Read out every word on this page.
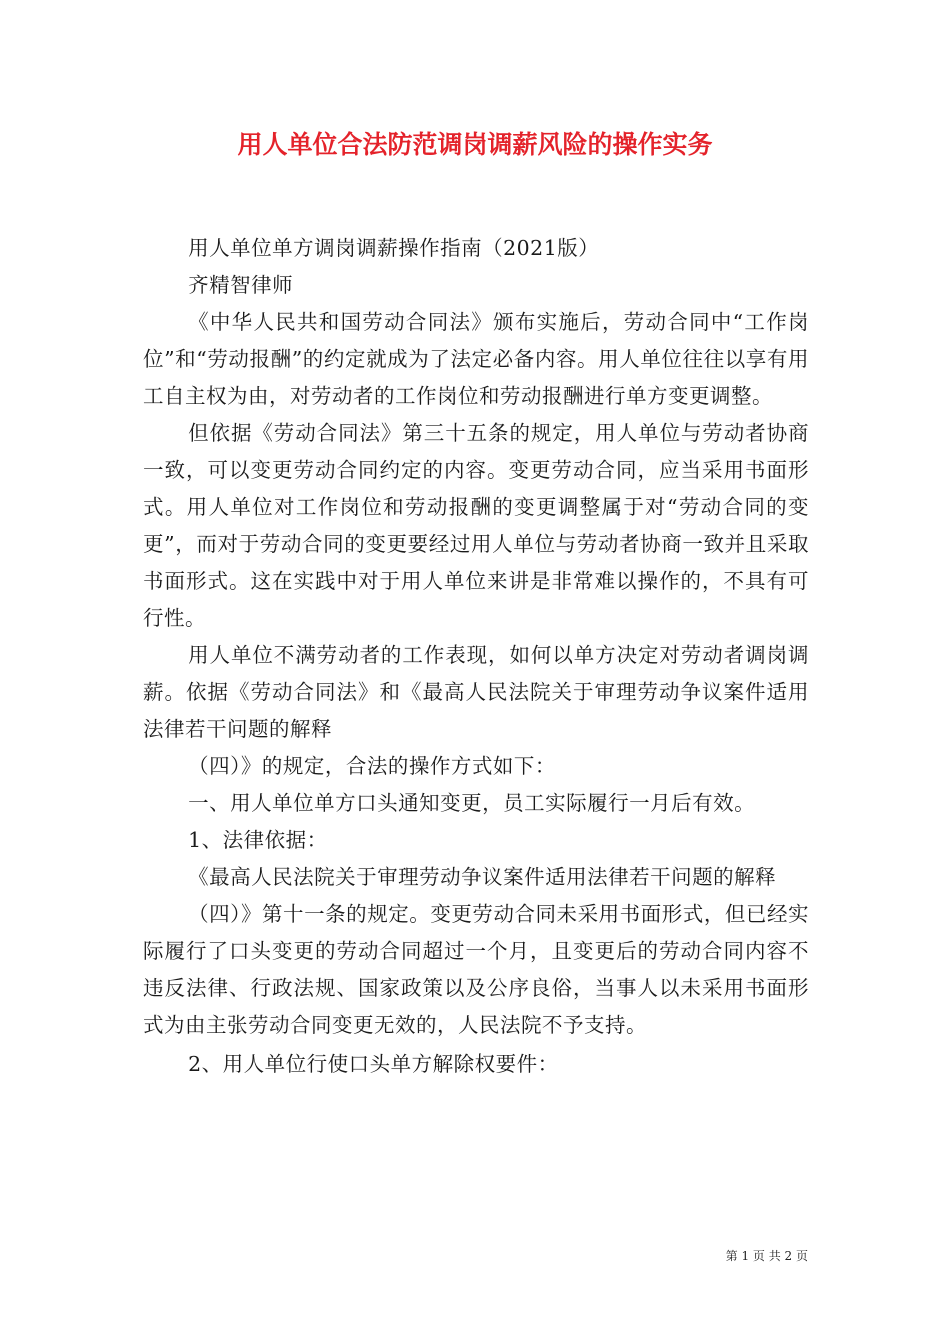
用人单位合法防范调岗调薪风险的操作实务

用人单位单方调岗调薪操作指南（2021版）

齐精智律师

《中华人民共和国劳动合同法》颁布实施后，劳动合同中“工作岗位”和“劳动报酬”的约定就成为了法定必备内容。用人单位往往以享有用工自主权为由，对劳动者的工作岗位和劳动报酬进行单方变更调整。

但依据《劳动合同法》第三十五条的规定，用人单位与劳动者协商一致，可以变更劳动合同约定的内容。变更劳动合同，应当采用书面形式。用人单位对工作岗位和劳动报酬的变更调整属于对“劳动合同的变更”，而对于劳动合同的变更要经过用人单位与劳动者协商一致并且采取书面形式。这在实践中对于用人单位来讲是非常难以操作的，不具有可行性。

用人单位不满劳动者的工作表现，如何以单方决定对劳动者调岗调薪。依据《劳动合同法》和《最高人民法院关于审理劳动争议案件适用法律若干问题的解释

（四）》的规定，合法的操作方式如下：

一、用人单位单方口头通知变更，员工实际履行一月后有效。

1、法律依据：

《最高人民法院关于审理劳动争议案件适用法律若干问题的解释

（四）》第十一条的规定。变更劳动合同未采用书面形式，但已经实际履行了口头变更的劳动合同超过一个月，且变更后的劳动合同内容不违反法律、行政法规、国家政策以及公序良俗，当事人以未采用书面形式为由主张劳动合同变更无效的，人民法院不予支持。

2、用人单位行使口头单方解除权要件：

第 1 页 共 2 页
